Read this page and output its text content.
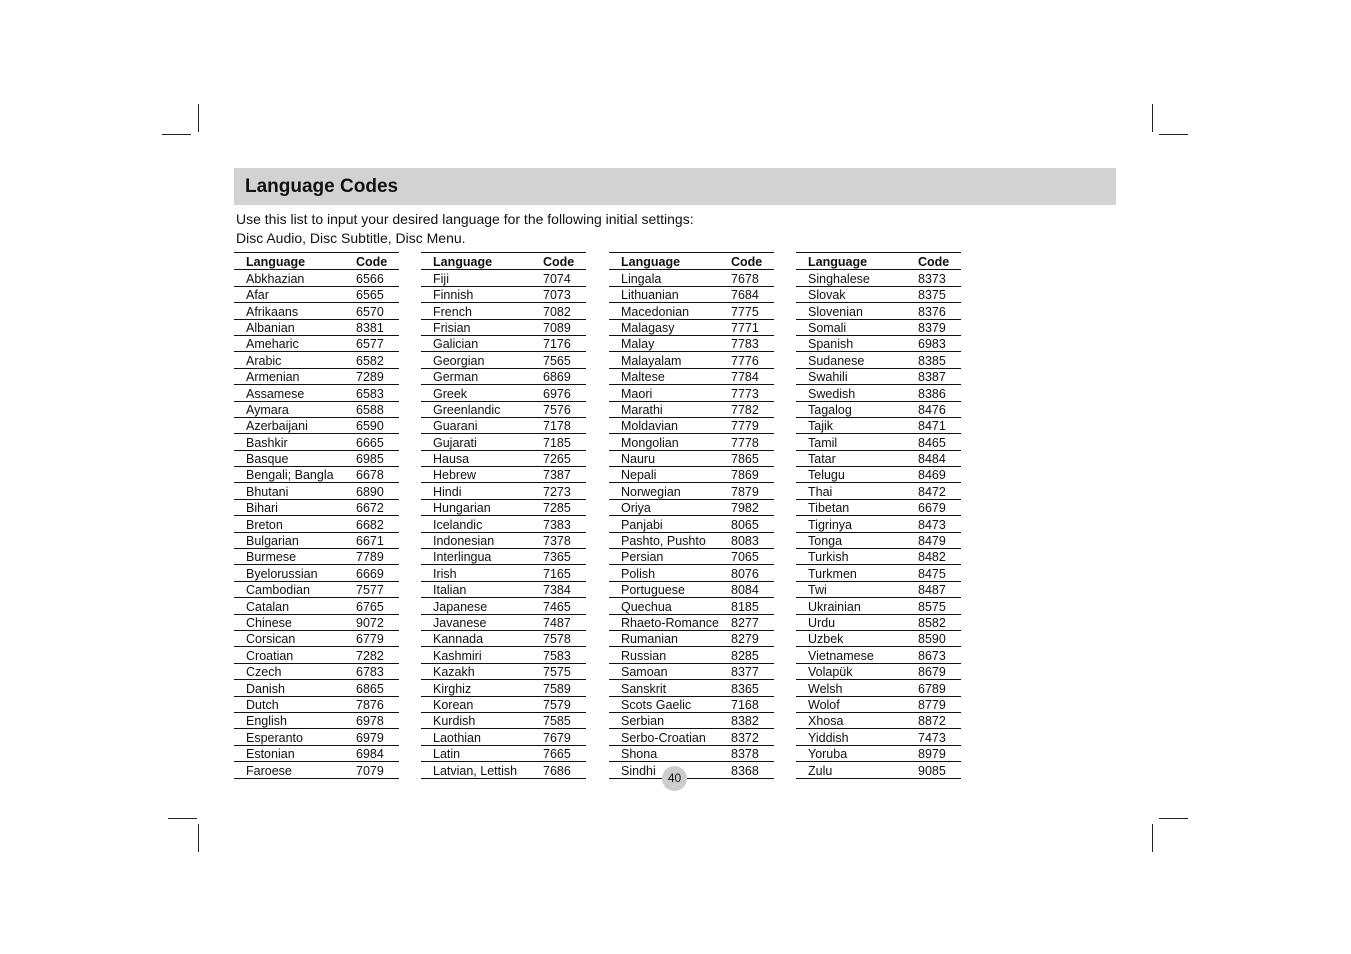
Language Codes
Use this list to input your desired language for the following initial settings:
Disc Audio, Disc Subtitle, Disc Menu.
Language	Code
Abkhazian	6566
Afar	6565
Afrikaans	6570
Albanian	8381
Ameharic	6577
Arabic	6582
Armenian	7289
Assamese	6583
Aymara	6588
Azerbaijani	6590
Bashkir	6665
Basque	6985
Bengali; Bangla	6678
Bhutani	6890
Bihari	6672
Breton	6682
Bulgarian	6671
Burmese	7789
Byelorussian	6669
Cambodian	7577
Catalan	6765
Chinese	9072
Corsican	6779
Croatian	7282
Czech	6783
Danish	6865
Dutch	7876
English	6978
Esperanto	6979
Estonian	6984
Faroese	7079
Language	Code
Fiji	7074
Finnish	7073
French	7082
Frisian	7089
Galician	7176
Georgian	7565
German	6869
Greek	6976
Greenlandic	7576
Guarani	7178
Gujarati	7185
Hausa	7265
Hebrew	7387
Hindi	7273
Hungarian	7285
Icelandic	7383
Indonesian	7378
Interlingua	7365
Irish	7165
Italian	7384
Japanese	7465
Javanese	7487
Kannada	7578
Kashmiri	7583
Kazakh	7575
Kirghiz	7589
Korean	7579
Kurdish	7585
Laothian	7679
Latin	7665
Latvian, Lettish	7686
Language	Code
Lingala	7678
Lithuanian	7684
Macedonian	7775
Malagasy	7771
Malay	7783
Malayalam	7776
Maltese	7784
Maori	7773
Marathi	7782
Moldavian	7779
Mongolian	7778
Nauru	7865
Nepali	7869
Norwegian	7879
Oriya	7982
Panjabi	8065
Pashto, Pushto	8083
Persian	7065
Polish	8076
Portuguese	8084
Quechua	8185
Rhaeto-Romance	8277
Rumanian	8279
Russian	8285
Samoan	8377
Sanskrit	8365
Scots Gaelic	7168
Serbian	8382
Serbo-Croatian	8372
Shona	8378
Sindhi	8368
Language	Code
Singhalese	8373
Slovak	8375
Slovenian	8376
Somali	8379
Spanish	6983
Sudanese	8385
Swahili	8387
Swedish	8386
Tagalog	8476
Tajik	8471
Tamil	8465
Tatar	8484
Telugu	8469
Thai	8472
Tibetan	6679
Tigrinya	8473
Tonga	8479
Turkish	8482
Turkmen	8475
Twi	8487
Ukrainian	8575
Urdu	8582
Uzbek	8590
Vietnamese	8673
Volapük	8679
Welsh	6789
Wolof	8779
Xhosa	8872
Yiddish	7473
Yoruba	8979
Zulu	9085
40
